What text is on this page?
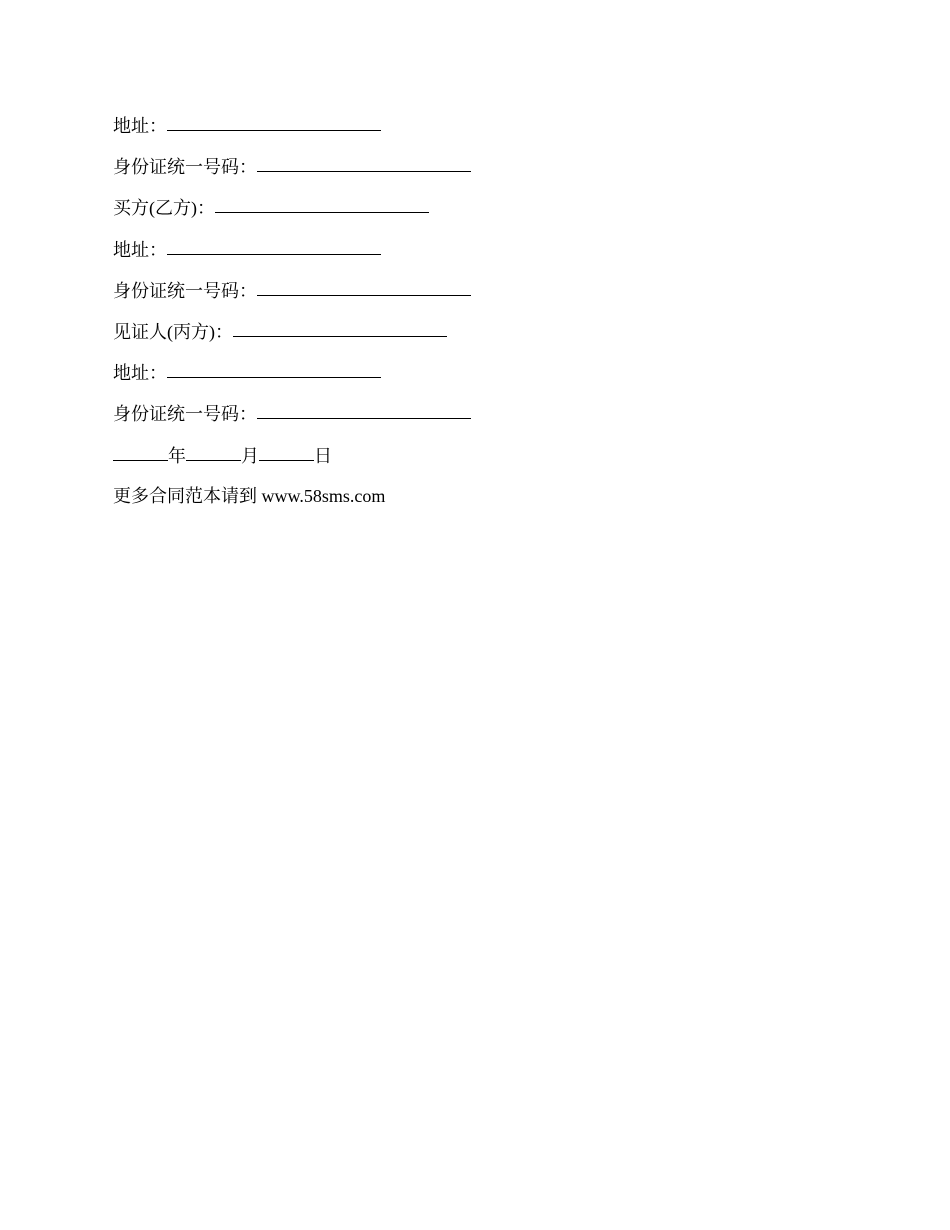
地址：
身份证统一号码：
买方(乙方)：
地址：
身份证统一号码：
见证人(丙方)：
地址：
身份证统一号码：
年	月	日
更多合同范本请到 www.58sms.com
